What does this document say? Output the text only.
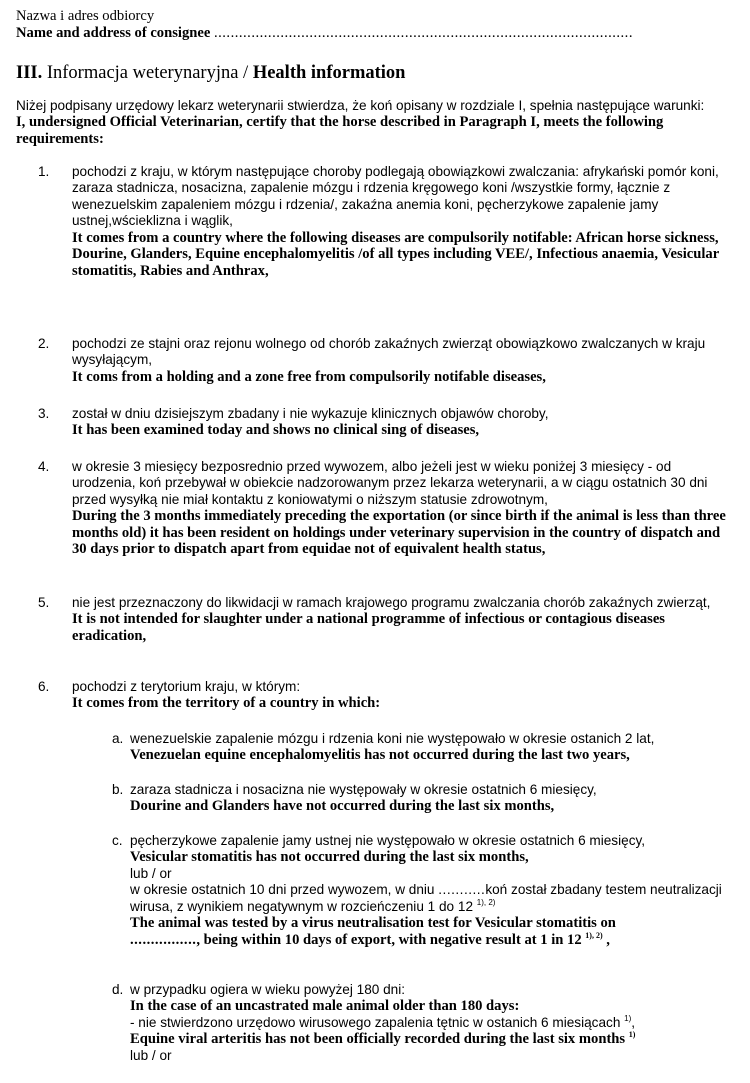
Nazwa i adres odbiorcy
Name and address of consignee .....................................................................................................
III. Informacja weterynaryjna / Health information
Niżej podpisany urzędowy lekarz weterynarii stwierdza, że koń opisany w rozdziale I, spełnia następujące warunki:
I, undersigned Official Veterinarian, certify that the horse described in Paragraph I, meets the following requirements:
1. pochodzi z kraju, w którym następujące choroby podlegają obowiązkowi zwalczania: afrykański pomór koni, zaraza stadnicza, nosacizna, zapalenie mózgu i rdzenia kręgowego koni /wszystkie formy, łącznie z wenezuelskim zapaleniem mózgu i rdzenia/, zakaźna anemia koni, pęcherzykowe zapalenie jamy ustnej,wścieklizna i wąglik,
It comes from a country where the following diseases are compulsorily notifable: African horse sickness, Dourine, Glanders, Equine encephalomyelitis /of all types including VEE/, Infectious anaemia, Vesicular stomatitis, Rabies and Anthrax,
2. pochodzi ze stajni oraz rejonu wolnego od chorób zakaźnych zwierząt obowiązkowo zwalczanych w kraju wysyłającym,
It coms from a holding and a zone free from compulsorily notifable diseases,
3. został w dniu dzisiejszym zbadany i nie wykazuje klinicznych objawów choroby,
It has been examined today and shows no clinical sing of diseases,
4. w okresie 3 miesięcy bezposrednio przed wywozem, albo jeżeli jest w wieku poniżej 3 miesięcy - od urodzenia, koń przebywał w obiekcie nadzorowanym przez lekarza weterynarii, a w ciągu ostatnich 30 dni przed wysyłką nie miał kontaktu z koniowatymi o niższym statusie zdrowotnym,
During the 3 months immediately preceding the exportation (or since birth if the animal is less than three months old) it has been resident on holdings under veterinary supervision in the country of dispatch and 30 days prior to dispatch apart from equidae not of equivalent health status,
5. nie jest przeznaczony do likwidacji w ramach krajowego programu zwalczania chorób zakaźnych zwierząt,
It is not intended for slaughter under a national programme of infectious or contagious diseases eradication,
6. pochodzi z terytorium kraju, w którym:
It comes from the territory of a country in which:
a. wenezuelskie zapalenie mózgu i rdzenia koni nie występowało w okresie ostanich 2 lat,
Venezuelan equine encephalomyelitis has not occurred during the last two years,
b. zaraza stadnicza i nosacizna nie występowały w okresie ostatnich 6 miesięcy,
Dourine and Glanders have not occurred during the last six months,
c. pęcherzykowe zapalenie jamy ustnej nie występowało w okresie ostatnich 6 miesięcy,
Vesicular stomatitis has not occurred during the last six months,
lub / or
w okresie ostatnich 10 dni przed wywozem, w dniu ...........koń został zbadany testem neutralizacji wirusa, z wynikiem negatywnym w rozcieńczeniu 1 do 12 $^{1), 2)}$
The animal was tested by a virus neutralisation test for Vesicular stomatitis on
................, being within 10 days of export, with negative result at 1 in 12 $^{1), 2)}$ ,
d. w przypadku ogiera w wieku powyżej 180 dni:
In the case of an uncastrated male animal older than 180 days:
- nie stwierdzono urzędowo wirusowego zapalenia tętnic w ostanich 6 miesiącach $^{1)}$,
Equine viral arteritis has not been officially recorded during the last six months $^{1)}$
lub / or
